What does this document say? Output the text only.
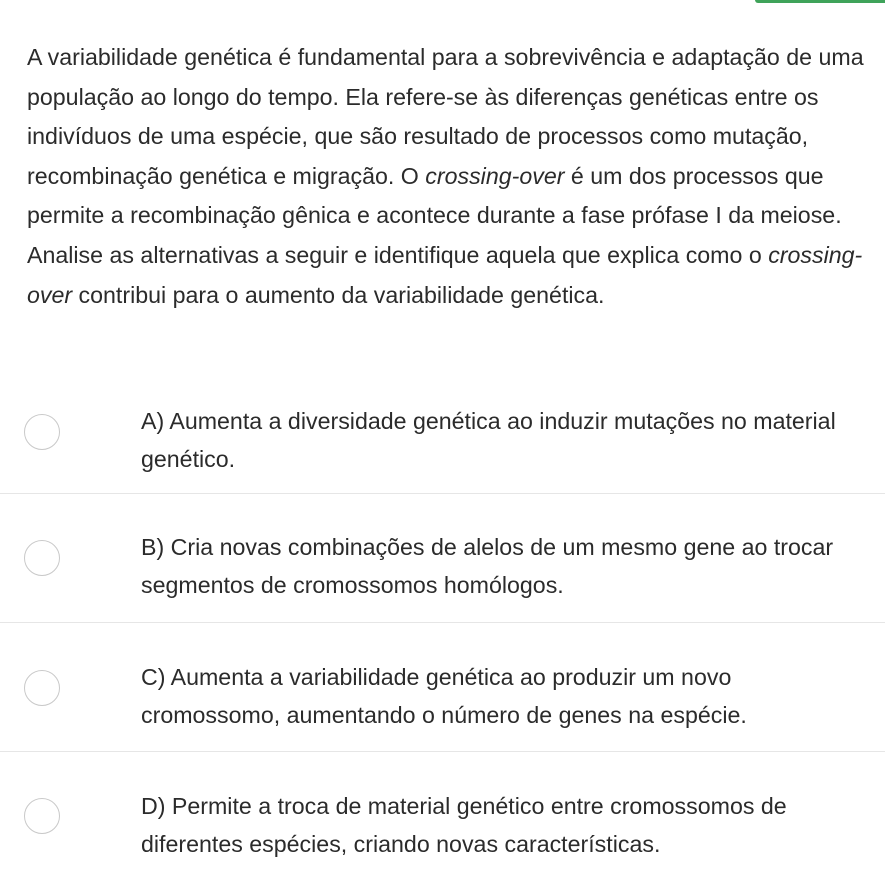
A variabilidade genética é fundamental para a sobrevivência e adaptação de uma população ao longo do tempo. Ela refere-se às diferenças genéticas entre os indivíduos de uma espécie, que são resultado de processos como mutação, recombinação genética e migração. O crossing-over é um dos processos que permite a recombinação gênica e acontece durante a fase prófase I da meiose. Analise as alternativas a seguir e identifique aquela que explica como o crossing-over contribui para o aumento da variabilidade genética.

A) Aumenta a diversidade genética ao induzir mutações no material genético.

B) Cria novas combinações de alelos de um mesmo gene ao trocar segmentos de cromossomos homólogos.

C) Aumenta a variabilidade genética ao produzir um novo cromossomo, aumentando o número de genes na espécie.

D) Permite a troca de material genético entre cromossomos de diferentes espécies, criando novas características.
